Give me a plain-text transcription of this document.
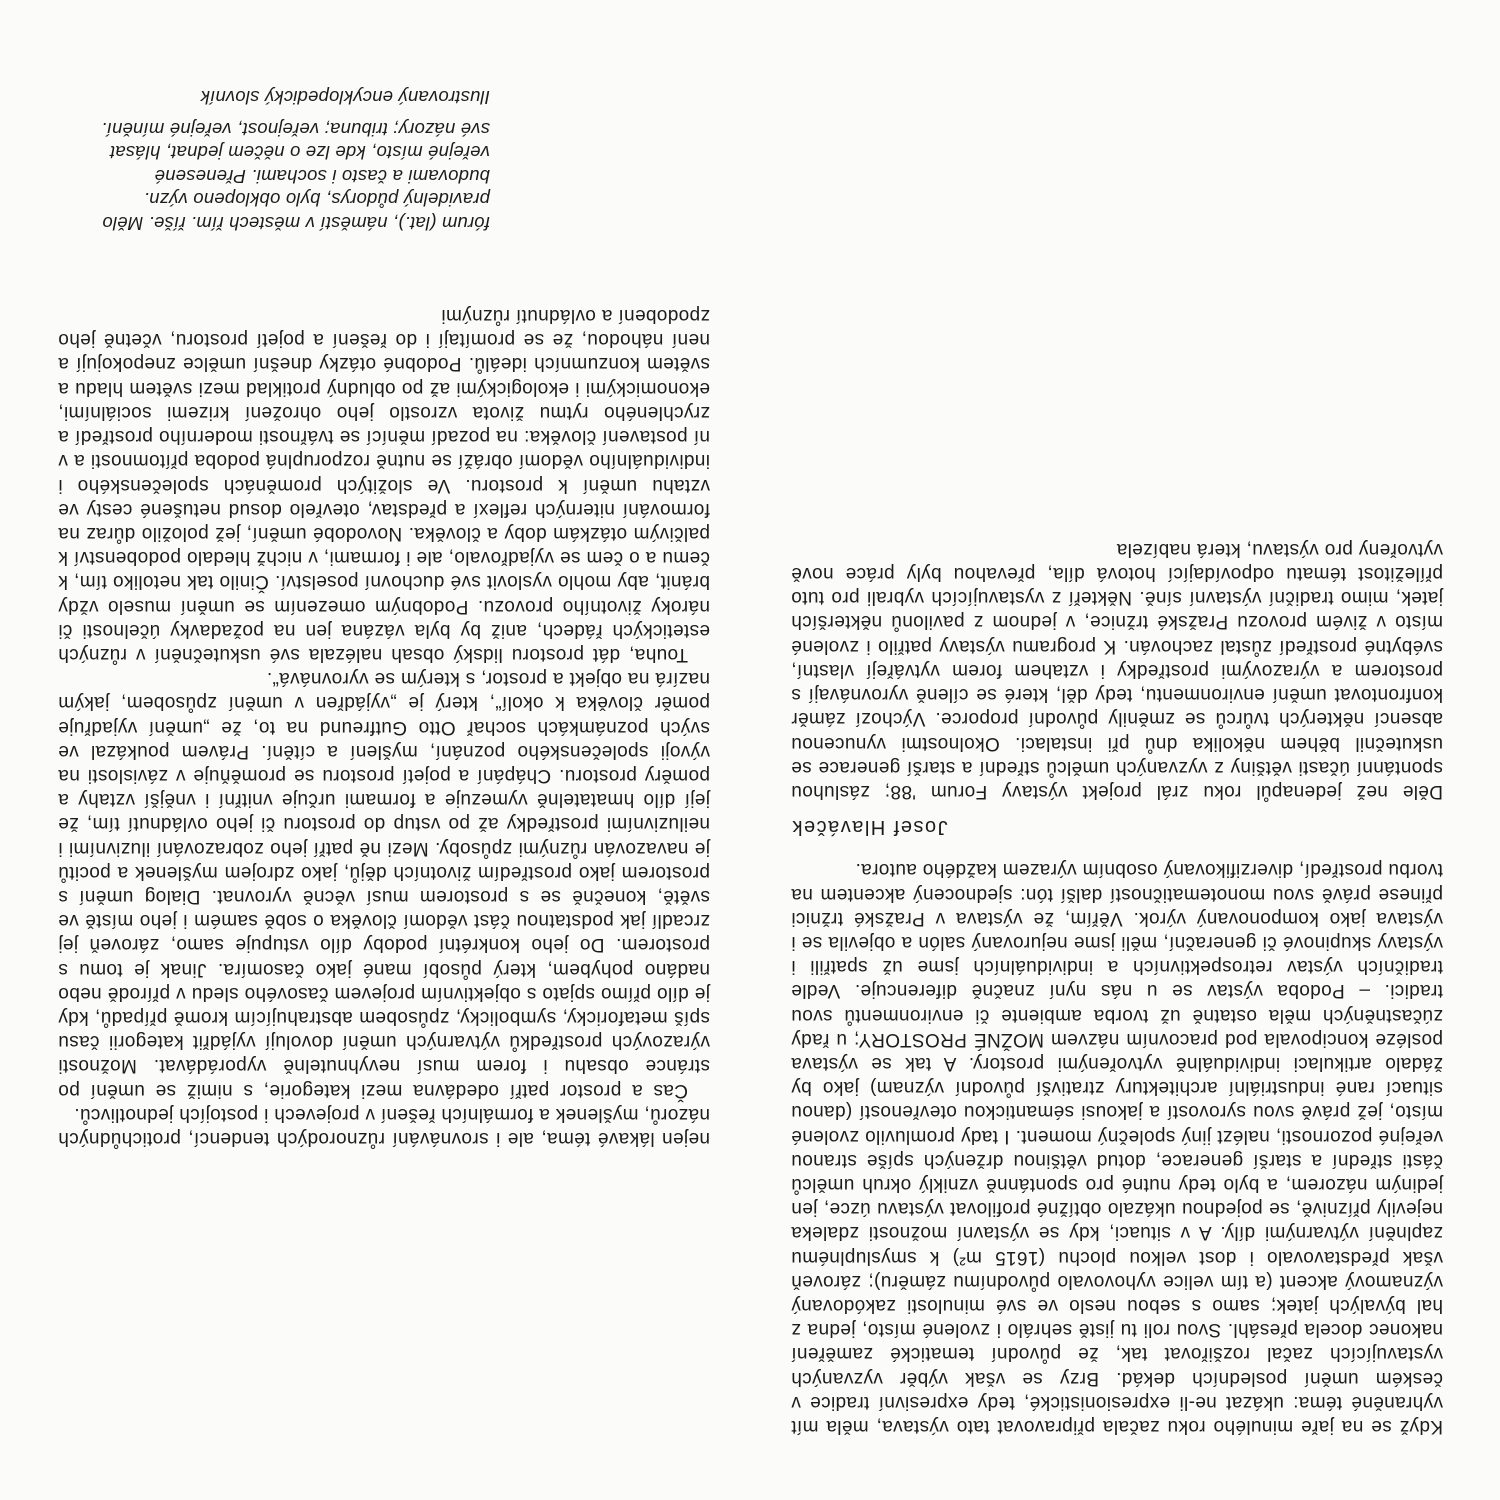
Když se na jaře minulého roku začala připravovat tato výstava, měla mít vyhraněné téma: ukázat ne-li expresionistické, tedy expresivní tradice v českém umění posledních dekád. Brzy se však výběr vyzvaných vystavujících začal rozšiřovat tak, že původní tematické zaměření nakonec docela přesáhl. Svou roli tu jistě sehrálo i zvolené místo, jedna z hal bývalých jatek; samo s sebou neslo ve své minulosti zakódovaný významový akcent (a tím velice vyhovovalo původnímu záměru); zároveň však představovalo i dost velkou plochu (1615 m²) k smysluplnému zaplnění výtvarnými díly. A v situaci, kdy se výstavní možnosti zdaleka nejevily příznivě, se pojednou ukázalo obtížné profilovat výstavu úzce, jen jediným názorem, a bylo tedy nutné pro spontánně vzniklý okruh umělců části střední a starší generace, dotud většinou držených spíše stranou veřejné pozornosti, nalézt jiný společný moment. I tady promluvilo zvolené místo, jež právě svou syrovostí a jakousi sémantickou otevřeností (danou situací rané industriální architektury ztrativší původní význam) jako by žádalo artikulaci individuálně vytvořenými prostory. A tak se výstava posléze koncipovala pod pracovním názvem MOŽNÉ PROSTORY; u řady zúčastněných měla ostatně už tvorba ambiente či environmentů svou tradici. – Podoba výstav se u nás nyní značně diferencuje. Vedle tradičních výstav retrospektivních a individuálních jsme už spatřili i výstavy skupinové či generační, měli jsme nejurovaný salón a objevila se i výstava jako komponovaný výrok. Věřím, že výstava v Pražské tržnici přinese právě svou monotematičností další tón: sjednocený akcentem na tvorbu prostředí, diverzifikovaný osobním výrazem každého autora.

Josef Hlaváček

Děle než jedenapůl roku zrál projekt výstavy Forum '88; zásluhou spontánní účasti většiny z vyzvaných umělců střední a starší generace se uskutečnil během několika dnů při instalaci. Okolnostmi vynucenou absencí některých tvůrců se změnily původní proporce. Výchozí záměr konfrontovat umění environmentu, tedy děl, které se cíleně vyrovnávají s prostorem a výrazovými prostředky i vztahem forem vytvářejí vlastní, svébytné prostředí zůstal zachován. K programu výstavy patřilo i zvolené místo v živém provozu Pražské tržnice, v jednom z pavilonů některších jatek, mimo tradiční výstavní síně. Někteří z vystavujících vybrali pro tuto příležitost tématu odpovídající hotová díla, převahou byly práce nově vytvořeny pro výstavu, která nabízela

nejen lákavé téma, ale i srovnávání různorodých tendencí, protichůdných názorů, myšlenek a formálních řešení v projevech i postojích jednotlivců.

Čas a prostor patří odedávna mezi kategorie, s nimiž se umění po stránce obsahu i forem musí nevyhnutelně vyporádávat. Možnosti výrazových prostředků výtvarných umění dovolují vyjádřit kategorii času spíš metaforicky, symbolicky, způsobem abstrahujícím kromě případů, kdy je dílo přímo spjato s objektivním projevem časového sledu v přírodě nebo nadáno pohybem, který působí mané jako časomíra. Jinak je tomu s prostorem. Do jeho konkrétní podoby dílo vstupuje samo, zároveň jej zrcadlí jak podstatnou část vědomí člověka o sobě samém i jeho místě ve světě, konečně se s prostorem musí věcně vyrovnat. Dialog umění s prostorem jako prostředím životních dějů, jako zdrojem myšlenek a pocitů je navazován různými způsoby. Mezi ně patří jeho zobrazování iluzivními i neiluzivními prostředky až po vstup do prostoru či jeho ovládnutí tím, že její dílo hmatatelně vymezuje a formami určuje vnitřní i vnější vztahy a poměry prostoru. Chápání a pojetí prostoru se proměňuje v závislosti na vývoji společenského poznání, myšlení a cítění. Právem poukázal ve svých poznámkách sochař Otto Gutfreund na to, že „umění vyjadřuje poměr člověka k okolí“, který je „vyjádřen v umění způsobem, jakým nazírá na objekt a prostor, s kterým se vyrovnává“.

Touha, dát prostoru lidský obsah nalézala své uskutečnění v různých estetických řádech, aniž by byla vázána jen na požadavky účelnosti či nároky životního provozu. Podobným omezením se umění muselo vždy bránit, aby mohlo vyslovit své duchovní poselství. Činilo tak netoliko tím, k čemu a o čem se vyjadřovalo, ale i formami, v nichž hledalo podobenství k palčivým otázkám doby a člověka. Novodobé umění, jež položilo důraz na formování niterných reflexí a představ, otevřelo dosud netušené cesty ve vztahu umění k prostoru. Ve složitých proměnách společenského i individuálního vědomí obráží se nutně rozporuplná podoba přítomnosti a v ní postavení člověka: na pozadí měnící se tvářnosti moderního prostředí a zrychleného rytmu života vzrostlo jeho ohrožení krizemi sociálními, ekonomickými i ekologickými až po obludný protiklad mezi světem hladu a světem konzumních ideálů. Podobné otázky dnešní umělce znepokojují a není náhodou, že se promítají i do řešení a pojetí prostoru, včetně jeho zpodobení a ovládnutí různými

fórum (lat.), náměstí v městech řím. říše. Mělo pravidelný půdorys, bylo obklopeno význ. budovami a často i sochami. Přenesené veřejné místo, kde lze o něčem jednat, hlásat své názory; tribuna; veřejnost, veřejné mínění.

Ilustrovaný encyklopedický slovník
